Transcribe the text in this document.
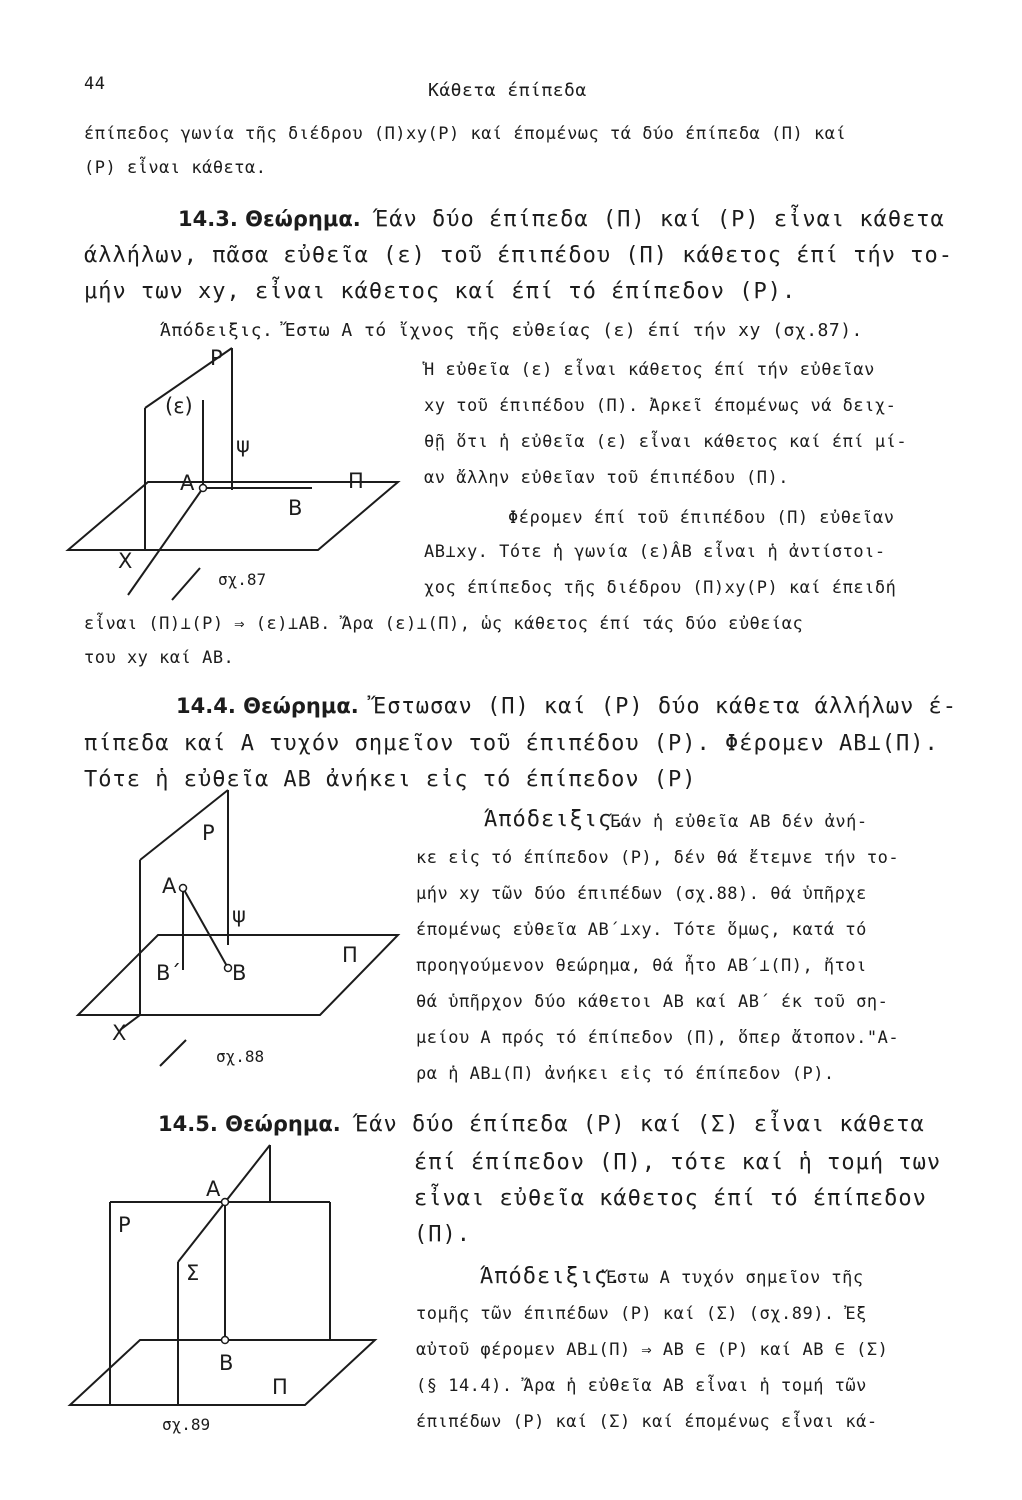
44	Κάθετα έπίπεδα
έπίπεδος γωνία τῆς διέδρου (Π)xy(Ρ) καί έπομένως τά δύο έπίπεδα (Π) καί
(Ρ) εἶναι κάθετα.
14.3. Θεώρημα. Έάν δύο έπίπεδα (Π) καί (Ρ) εἶναι κάθετα
άλλήλων, πᾶσα εὐθεῖα (ε) τοῦ έπιπέδου (Π) κάθετος έπί τήν το-
μήν των xy, εἶναι κάθετος καί έπί τό έπίπεδον (Ρ).
Άπόδειξις. Ἔστω Α τό ἴχνος τῆς εὐθείας (ε) έπί τήν xy (σχ.87).
Ἡ εὐθεῖα (ε) εἶναι κάθετος έπί τήν εὐθεῖαν
xy τοῦ έπιπέδου (Π). Ἀρκεῖ έπομένως νά δειχ-
θῇ ὅτι ἡ εὐθεῖα (ε) εἶναι κάθετος καί έπί μί-
αν ἄλλην εὐθεῖαν τοῦ έπιπέδου (Π).
Φέρομεν έπί τοῦ έπιπέδου (Π) εὐθεῖαν
ΑΒ⊥xy. Τότε ἡ γωνία (ε)ÂΒ εἶναι ἡ ἀντίστοι-
χος έπίπεδος τῆς διέδρου (Π)xy(Ρ) καί έπειδή
εἶναι (Π)⊥(Ρ) ⇒ (ε)⊥ΑΒ. Ἄρα (ε)⊥(Π), ὡς κάθετος έπί τάς δύο εὐθείας
του xy καί ΑΒ.
14.4. Θεώρημα. Ἔστωσαν (Π) καί (Ρ) δύο κάθετα άλλήλων έ-
πίπεδα καί Α τυχόν σημεῖον τοῦ έπιπέδου (Ρ). Φέρομεν ΑΒ⊥(Π).
Τότε ἡ εὐθεῖα ΑΒ ἀνήκει εἰς τό έπίπεδον (Ρ)
Άπόδειξις.
Έάν ἡ εὐθεῖα ΑΒ δέν ἀνή-
κε εἰς τό έπίπεδον (Ρ), δέν θά ἔτεμνε τήν το-
μήν xy τῶν δύο έπιπέδων (σχ.88). θά ὑπῆρχε
έπομένως εὐθεῖα ΑΒ΄⊥xy. Τότε ὅμως, κατά τό
προηγούμενον θεώρημα, θά ἦτο ΑΒ΄⊥(Π), ἤτοι
θά ὑπῆρχον δύο κάθετοι ΑΒ καί ΑΒ΄ έκ τοῦ ση-
μείου Α πρός τό έπίπεδον (Π), ὅπερ ἄτοπον."Α-
ρα ἡ ΑΒ⊥(Π) ἀνήκει εἰς τό έπίπεδον (Ρ).
14.5. Θεώρημα. Έάν δύο έπίπεδα (Ρ) καί (Σ) εἶναι κάθετα
έπί έπίπεδον (Π), τότε καί ἡ τομή των
εἶναι εὐθεῖα κάθετος έπί τό έπίπεδον
(Π).
Άπόδειξις.
Ἔστω Α τυχόν σημεῖον τῆς
τομῆς τῶν έπιπέδων (Ρ) καί (Σ) (σχ.89). Ἐξ
αὐτοῦ φέρομεν ΑΒ⊥(Π) ⇒ ΑΒ ∈ (Ρ) καί ΑΒ ∈ (Σ)
(§ 14.4). Ἄρα ἡ εὐθεῖα ΑΒ εἶναι ἡ τομή τῶν
έπιπέδων (Ρ) καί (Σ) καί έπομένως εἶναι κά-
P
(ε)
ψ
A	Π
B
X
σχ.87
P
A
ψ
Π
B΄ B
X
σχ.88
A
P
Σ
B
Π
σχ.89
